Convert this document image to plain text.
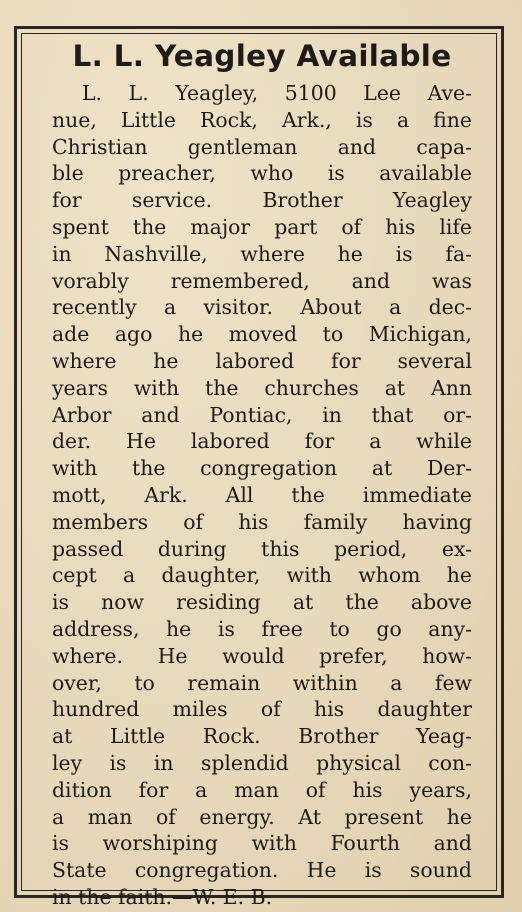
L. L. Yeagley Available
L. L. Yeagley, 5100 Lee Ave-
nue, Little Rock, Ark., is a fine
Christian gentleman and capa-
ble preacher, who is available
for service. Brother Yeagley
spent the major part of his life
in Nashville, where he is fa-
vorably remembered, and was
recently a visitor. About a dec-
ade ago he moved to Michigan,
where he labored for several
years with the churches at Ann
Arbor and Pontiac, in that or-
der. He labored for a while
with the congregation at Der-
mott, Ark. All the immediate
members of his family having
passed during this period, ex-
cept a daughter, with whom he
is now residing at the above
address, he is free to go any-
where. He would prefer, how-
over, to remain within a few
hundred miles of his daughter
at Little Rock. Brother Yeag-
ley is in splendid physical con-
dition for a man of his years,
a man of energy. At present he
is worshiping with Fourth and
State congregation. He is sound
in the faith.—W. E. B.
